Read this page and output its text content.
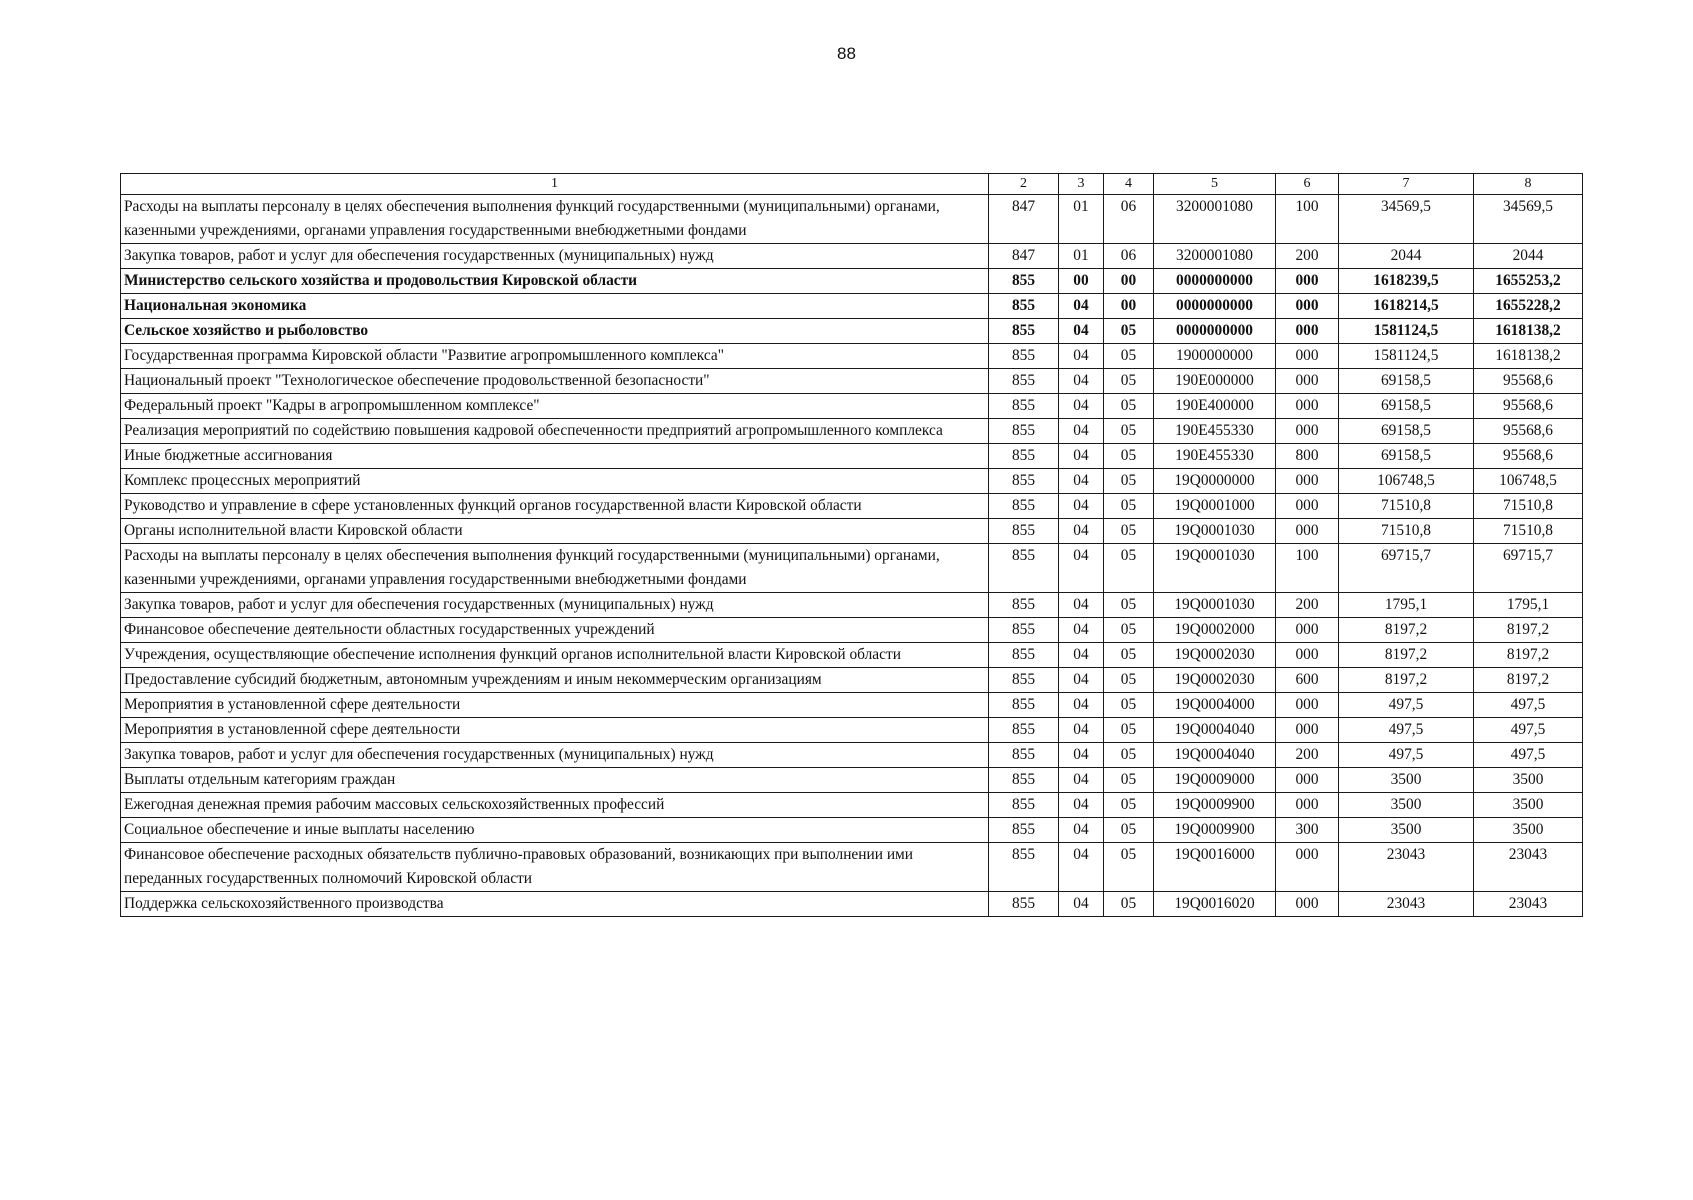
88
1	2	3	4	5	6	7	8
Расходы на выплаты персоналу в целях обеспечения выполнения функций государственными (муниципальными) органами, казенными учреждениями, органами управления государственными внебюджетными фондами	847	01	06	3200001080	100	34569,5	34569,5
Закупка товаров, работ и услуг для обеспечения государственных (муниципальных) нужд	847	01	06	3200001080	200	2044	2044
Министерство сельского хозяйства и продовольствия Кировской области	855	00	00	0000000000	000	1618239,5	1655253,2
Национальная экономика	855	04	00	0000000000	000	1618214,5	1655228,2
Сельское хозяйство и рыболовство	855	04	05	0000000000	000	1581124,5	1618138,2
Государственная программа Кировской области "Развитие агропромышленного комплекса"	855	04	05	1900000000	000	1581124,5	1618138,2
Национальный проект "Технологическое обеспечение продовольственной безопасности"	855	04	05	190Е000000	000	69158,5	95568,6
Федеральный проект "Кадры в агропромышленном комплексе"	855	04	05	190Е400000	000	69158,5	95568,6
Реализация мероприятий по содействию повышения кадровой обеспеченности предприятий агропромышленного комплекса	855	04	05	190Е455330	000	69158,5	95568,6
Иные бюджетные ассигнования	855	04	05	190Е455330	800	69158,5	95568,6
Комплекс процессных мероприятий	855	04	05	19Q0000000	000	106748,5	106748,5
Руководство и управление в сфере установленных функций органов государственной власти Кировской области	855	04	05	19Q0001000	000	71510,8	71510,8
Органы исполнительной власти Кировской области	855	04	05	19Q0001030	000	71510,8	71510,8
Расходы на выплаты персоналу в целях обеспечения выполнения функций государственными (муниципальными) органами, казенными учреждениями, органами управления государственными внебюджетными фондами	855	04	05	19Q0001030	100	69715,7	69715,7
Закупка товаров, работ и услуг для обеспечения государственных (муниципальных) нужд	855	04	05	19Q0001030	200	1795,1	1795,1
Финансовое обеспечение деятельности областных государственных учреждений	855	04	05	19Q0002000	000	8197,2	8197,2
Учреждения, осуществляющие обеспечение исполнения функций органов исполнительной власти Кировской области	855	04	05	19Q0002030	000	8197,2	8197,2
Предоставление субсидий бюджетным, автономным учреждениям и иным некоммерческим организациям	855	04	05	19Q0002030	600	8197,2	8197,2
Мероприятия в установленной сфере деятельности	855	04	05	19Q0004000	000	497,5	497,5
Мероприятия в установленной сфере деятельности	855	04	05	19Q0004040	000	497,5	497,5
Закупка товаров, работ и услуг для обеспечения государственных (муниципальных) нужд	855	04	05	19Q0004040	200	497,5	497,5
Выплаты отдельным категориям граждан	855	04	05	19Q0009000	000	3500	3500
Ежегодная денежная премия рабочим массовых сельскохозяйственных профессий	855	04	05	19Q0009900	000	3500	3500
Социальное обеспечение и иные выплаты населению	855	04	05	19Q0009900	300	3500	3500
Финансовое обеспечение расходных обязательств публично-правовых образований, возникающих при выполнении ими переданных государственных полномочий Кировской области	855	04	05	19Q0016000	000	23043	23043
Поддержка сельскохозяйственного производства	855	04	05	19Q0016020	000	23043	23043
